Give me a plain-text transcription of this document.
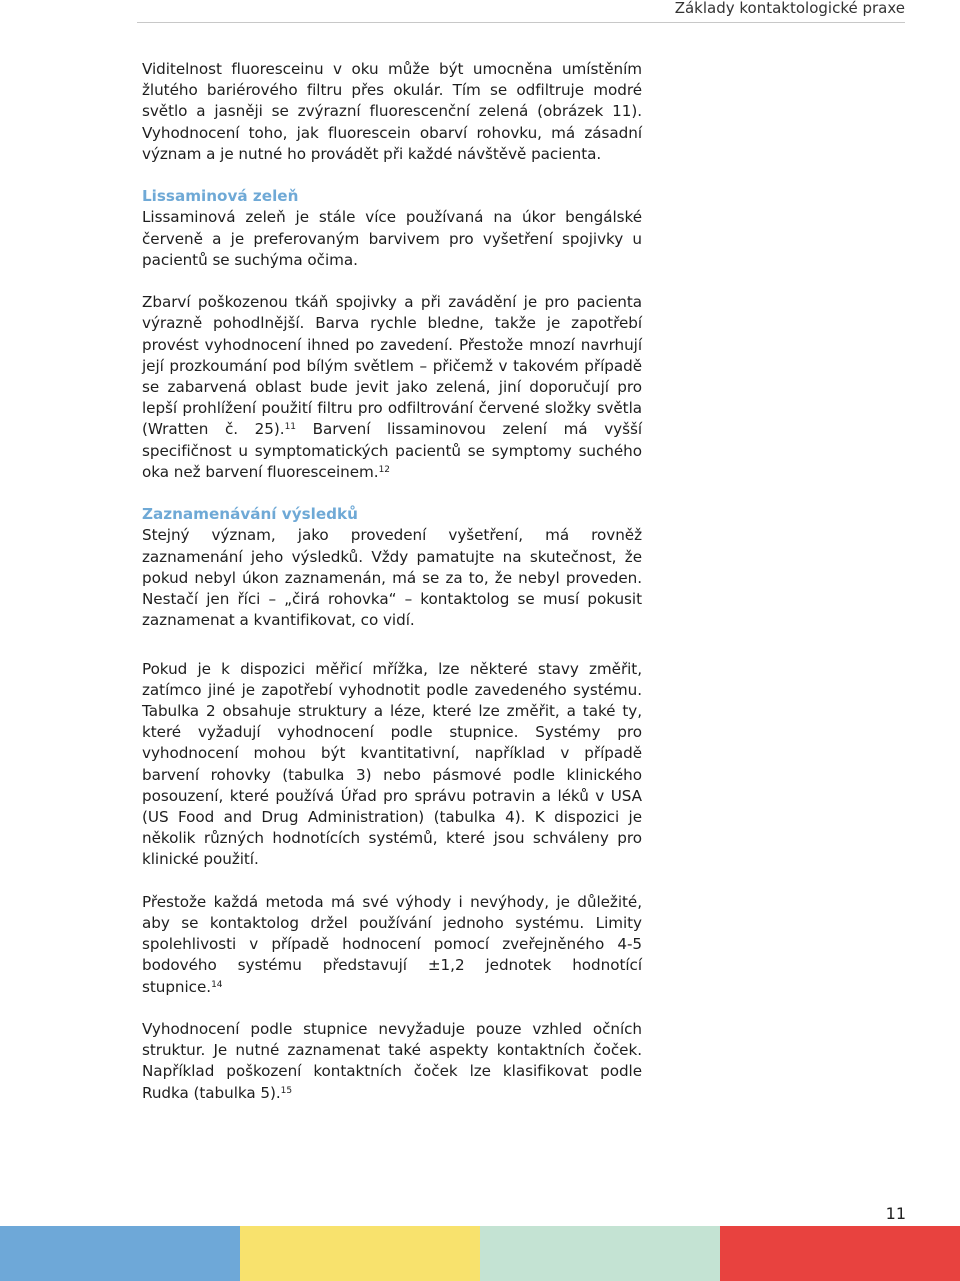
Základy kontaktologické praxe

Viditelnost fluoresceinu v oku může být umocněna umístěním žlutého bariérového filtru přes okulár. Tím se odfiltruje modré světlo a jasněji se zvýrazní fluorescenční zelená (obrázek 11). Vyhodnocení toho, jak fluorescein obarví rohovku, má zásadní význam a je nutné ho provádět při každé návštěvě pacienta.

Lissaminová zeleň

Lissaminová zeleň je stále více používaná na úkor bengálské červeně a je preferovaným barvivem pro vyšetření spojivky u pacientů se suchýma očima.

Zbarví poškozenou tkáň spojivky a při zavádění je pro pacienta výrazně pohodlnější. Barva rychle bledne, takže je zapotřebí provést vyhodnocení ihned po zavedení. Přestože mnozí navrhují její prozkoumání pod bílým světlem – přičemž v takovém případě se zabarvená oblast bude jevit jako zelená, jiní doporučují pro lepší prohlížení použití filtru pro odfiltrování červené složky světla (Wratten č. 25).$^{11}$ Barvení lissaminovou zelení má vyšší specifičnost u symptomatických pacientů se symptomy suchého oka než barvení fluoresceinem.$^{12}$

Zaznamenávání výsledků

Stejný význam, jako provedení vyšetření, má rovněž zaznamenání jeho výsledků. Vždy pamatujte na skutečnost, že pokud nebyl úkon zaznamenán, má se za to, že nebyl proveden. Nestačí jen říci – „čirá rohovka“ – kontaktolog se musí pokusit zaznamenat a kvantifikovat, co vidí.

Pokud je k dispozici měřicí mřížka, lze některé stavy změřit, zatímco jiné je zapotřebí vyhodnotit podle zavedeného systému. Tabulka 2 obsahuje struktury a léze, které lze změřit, a také ty, které vyžadují vyhodnocení podle stupnice. Systémy pro vyhodnocení mohou být kvantitativní, například v případě barvení rohovky (tabulka 3) nebo pásmové podle klinického posouzení, které používá Úřad pro správu potravin a léků v USA (US Food and Drug Administration) (tabulka 4). K dispozici je několik různých hodnotících systémů, které jsou schváleny pro klinické použití.

Přestože každá metoda má své výhody i nevýhody, je důležité, aby se kontaktolog držel používání jednoho systému. Limity spolehlivosti v případě hodnocení pomocí zveřejněného 4-5 bodového systému představují ±1,2 jednotek hodnotící stupnice.$^{14}$

Vyhodnocení podle stupnice nevyžaduje pouze vzhled očních struktur. Je nutné zaznamenat také aspekty kontaktních čoček. Například poškození kontaktních čoček lze klasifikovat podle Rudka (tabulka 5).$^{15}$

11
